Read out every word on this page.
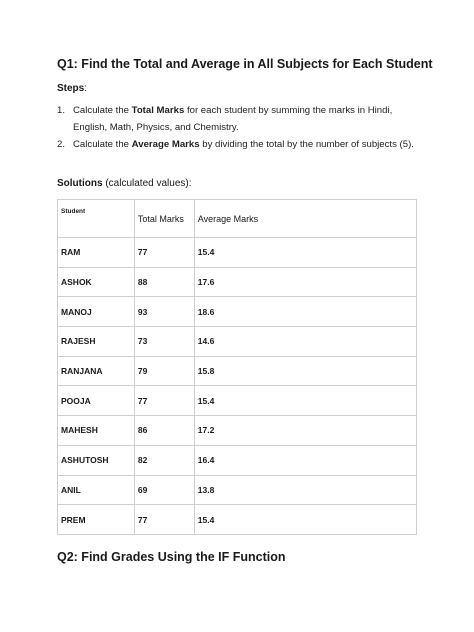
Q1: Find the Total and Average in All Subjects for Each Student
Steps:
1. Calculate the Total Marks for each student by summing the marks in Hindi, English, Math, Physics, and Chemistry.
2. Calculate the Average Marks by dividing the total by the number of subjects (5).
Solutions (calculated values):
Student	Total Marks	Average Marks
RAM	77	15.4
ASHOK	88	17.6
MANOJ	93	18.6
RAJESH	73	14.6
RANJANA	79	15.8
POOJA	77	15.4
MAHESH	86	17.2
ASHUTOSH	82	16.4
ANIL	69	13.8
PREM	77	15.4
Q2: Find Grades Using the IF Function
